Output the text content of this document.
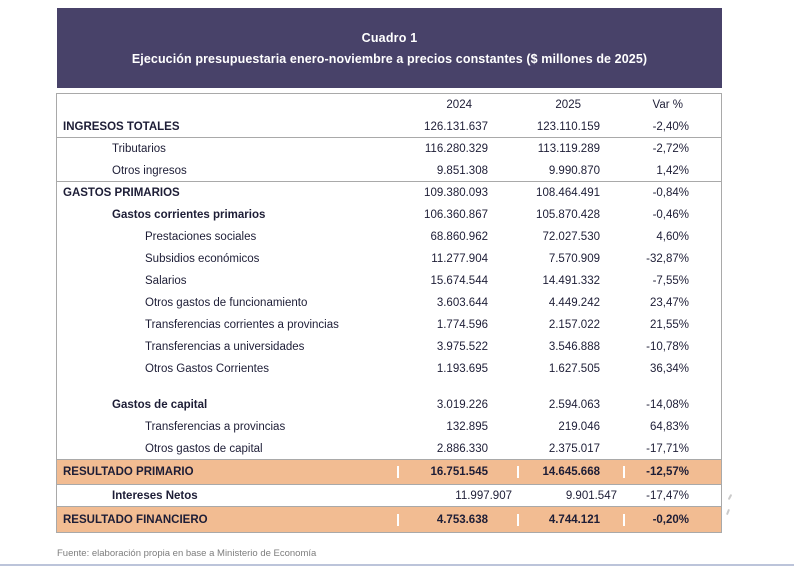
Cuadro 1
Ejecución presupuestaria enero-noviembre a precios constantes ($ millones de 2025)
2024	2025	Var %
INGRESOS TOTALES	126.131.637	123.110.159	-2,40%
Tributarios	116.280.329	113.119.289	-2,72%
Otros ingresos	9.851.308	9.990.870	1,42%
GASTOS PRIMARIOS	109.380.093	108.464.491	-0,84%
Gastos corrientes primarios	106.360.867	105.870.428	-0,46%
Prestaciones sociales	68.860.962	72.027.530	4,60%
Subsidios económicos	11.277.904	7.570.909	-32,87%
Salarios	15.674.544	14.491.332	-7,55%
Otros gastos de funcionamiento	3.603.644	4.449.242	23,47%
Transferencias corrientes a provincias	1.774.596	2.157.022	21,55%
Transferencias a universidades	3.975.522	3.546.888	-10,78%
Otros Gastos Corrientes	1.193.695	1.627.505	36,34%
Gastos de capital	3.019.226	2.594.063	-14,08%
Transferencias a provincias	132.895	219.046	64,83%
Otros gastos de capital	2.886.330	2.375.017	-17,71%
RESULTADO PRIMARIO	16.751.545	14.645.668	-12,57%
Intereses Netos	11.997.907	9.901.547	-17,47%
RESULTADO FINANCIERO	4.753.638	4.744.121	-0,20%
Fuente: elaboración propia en base a Ministerio de Economía
